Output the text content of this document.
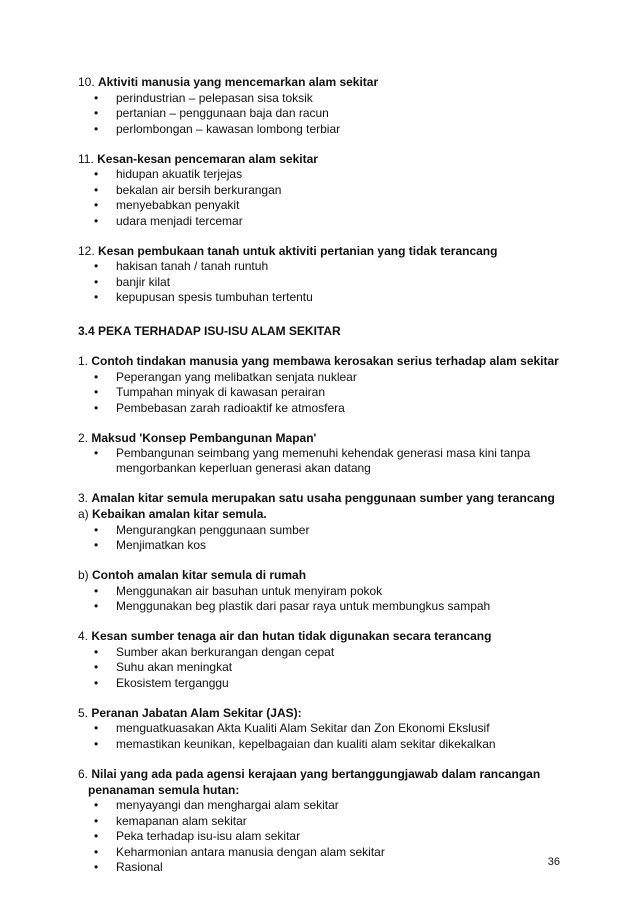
10. Aktiviti manusia yang mencemarkan alam sekitar
• perindustrian – pelepasan sisa toksik
• pertanian – penggunaan baja dan racun
• perlombongan – kawasan lombong terbiar
11. Kesan-kesan pencemaran alam sekitar
• hidupan akuatik terjejas
• bekalan air bersih berkurangan
• menyebabkan penyakit
• udara menjadi tercemar
12. Kesan pembukaan tanah untuk aktiviti pertanian yang tidak terancang
• hakisan tanah / tanah runtuh
• banjir kilat
• kepupusan spesis tumbuhan tertentu
3.4 PEKA TERHADAP ISU-ISU ALAM SEKITAR
1. Contoh tindakan manusia yang membawa kerosakan serius terhadap alam sekitar
• Peperangan yang melibatkan senjata nuklear
• Tumpahan minyak di kawasan perairan
• Pembebasan zarah radioaktif ke atmosfera
2. Maksud 'Konsep Pembangunan Mapan'
• Pembangunan seimbang yang memenuhi kehendak generasi masa kini tanpa mengorbankan keperluan generasi akan datang
3. Amalan kitar semula merupakan satu usaha penggunaan sumber yang terancang
a) Kebaikan amalan kitar semula.
• Mengurangkan penggunaan sumber
• Menjimatkan kos
b) Contoh amalan kitar semula di rumah
• Menggunakan air basuhan untuk menyiram pokok
• Menggunakan beg plastik dari pasar raya untuk membungkus sampah
4. Kesan sumber tenaga air dan hutan tidak digunakan secara terancang
• Sumber akan berkurangan dengan cepat
• Suhu akan meningkat
• Ekosistem terganggu
5. Peranan Jabatan Alam Sekitar (JAS):
• menguatkuasakan Akta Kualiti Alam Sekitar dan Zon Ekonomi Ekslusif
• memastikan keunikan, kepelbagaian dan kualiti alam sekitar dikekalkan
6. Nilai yang ada pada agensi kerajaan yang bertanggungjawab dalam rancangan
penanaman semula hutan:
• menyayangi dan menghargai alam sekitar
• kemapanan alam sekitar
• Peka terhadap isu-isu alam sekitar
• Keharmonian antara manusia dengan alam sekitar
• Rasional	36
